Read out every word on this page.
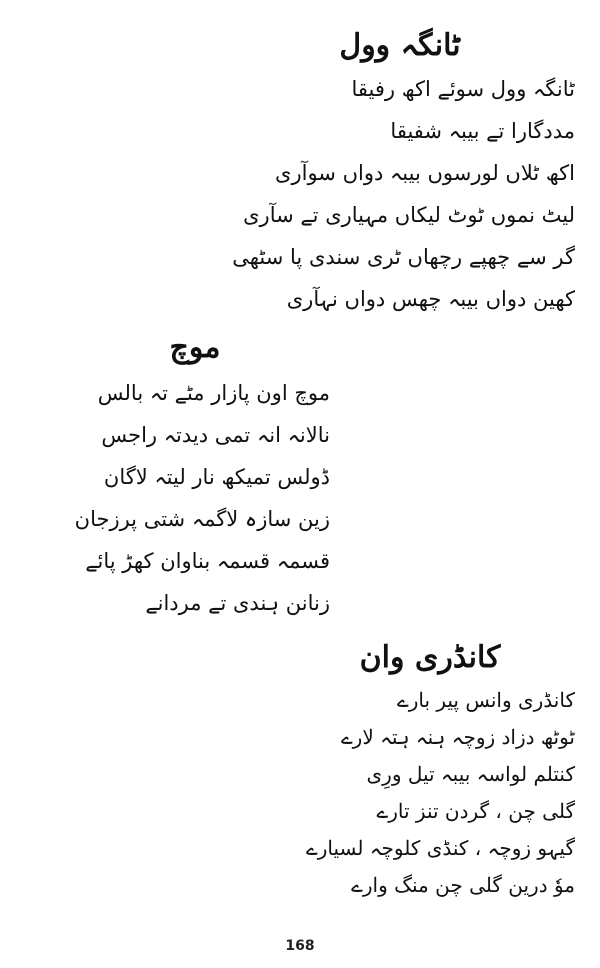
ٹانگہ وول
ٹانگہ وول سوئے اکھ رفیقا
مددگارا تے بیبہ شفیقا
اکھ ٹلاں لورسوں بیبہ دواں سوآری
لیٹ نموں ٹوٹ لیکاں مہیاری تے سآری
گر سے چھپے رچھاں ٹری سندی پا سٹھی
کھین دواں بیبہ چھس دواں نہآری
موچ
موچ اون پازار مٹے تہ بالس
نالانہ انہ تمی دیدتہ راجس
ڈولس تمیکھ نار لیتہ لاگان
زین سازہ لاگمہ شتی پرزجان
قسمہ قسمہ بناوان کھڑ پائے
زنانن ہندی تے مردانے
کانڈری وان
کانڈری وانس پیر بارے
ٹوٹھ دزاد زوچہ ہنہ ہتہ لارے
کنتلم لواسہ بیبہ تیل ورِی
گلی چن ، گردن تنز تارے
گیہو زوچہ ، کنڈی کلوچہ لسیارے
موٗ درین گلی چن منگ وارے
168
